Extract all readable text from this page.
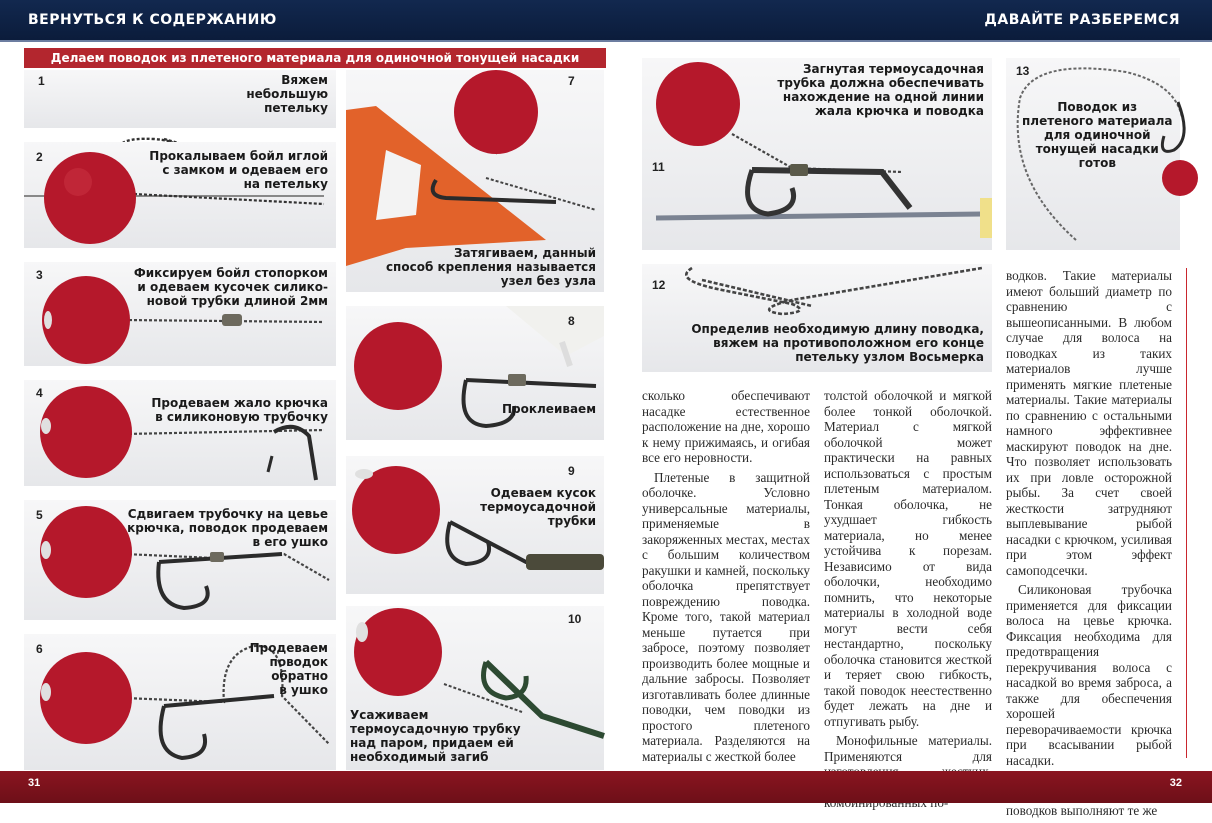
ВЕРНУТЬСЯ К СОДЕРЖАНИЮ	ДАВАЙТЕ РАЗБЕРЕМСЯ
Делаем поводок из плетеного материала для одиночной тонущей насадки
1	Вяжем
небольшую
петельку
2	Прокалываем бойл иглой
с замком и одеваем его
на петельку
3	Фиксируем бойл стопорком
и одеваем кусочек силико-
новой трубки длиной 2мм
4
Продеваем жало крючка
в силиконовую трубочку
5	Сдвигаем трубочку на цевье
крючка, поводок продеваем
в его ушко
6	Продеваем
поводок
обратно
в ушко
7
Затягиваем, данный
способ крепления называется
узел без узла
8
Проклеиваем
9
Одеваем кусок
термоусадочной
трубки
10
Усаживаем
термоусадочную трубку
над паром, придаем ей
необходимый загиб
11
Загнутая термоусадочная
трубка должна обеспечивать
нахождение на одной линии
жала крючка и поводка
13
Поводок из
плетеного материала
для одиночной
тонущей насадки
готов
12
Определив необходимую длину поводка,
вяжем на противоположном его конце
петельку узлом Восьмерка

сколько обеспечивают насадке естественное расположение на дне, хорошо к нему прижимаясь, и огибая все его неровности.

Плетеные в защитной оболочке. Условно универсальные материалы, применяемые в закоряженных местах, местах с большим количеством ракушки и камней, поскольку оболочка препятствует повреждению поводка. Кроме того, такой материал меньше путается при забросе, поэтому позволяет производить более мощные и дальние забросы. Позволяет изготавливать более длинные поводки, чем поводки из простого плетеного материала. Разделяются на материалы с жесткой более

толстой оболочкой и мягкой более тонкой оболочкой. Материал с мягкой оболочкой может практически на равных использоваться с простым плетеным материалом. Тонкая оболочка, не ухудшает гибкость материала, но менее устойчива к порезам. Независимо от вида оболочки, необходимо помнить, что некоторые материалы в холодной воде могут вести себя нестандартно, поскольку оболочка становится жесткой и теряет свою гибкость, такой поводок неестественно будет лежать на дне и отпугивать рыбу.

Монофильные материалы. Применяются для

водков. Такие материалы имеют больший диаметр по сравнению с вышеописанными. В любом случае для волоса на поводках из таких материалов лучше применять мягкие плетеные материалы. Такие материалы по сравнению с остальными намного эффективнее маскируют поводок на дне. Что позволяет использовать их при ловле осторожной рыбы. За счет своей жесткости затрудняют выплевывание рыбой насадки с крючком, усиливая при этом эффект самоподсечки.

Силиконовая трубочка применяется для фиксации волоса на цевье крючка. Фиксация необходима для предотвращения перекручивания волоса с насадкой во время заброса, а также для обеспечения хорошей переворачиваемости крючка при всасывании рыбой насадки.

поводков выполняют те же

31	32
